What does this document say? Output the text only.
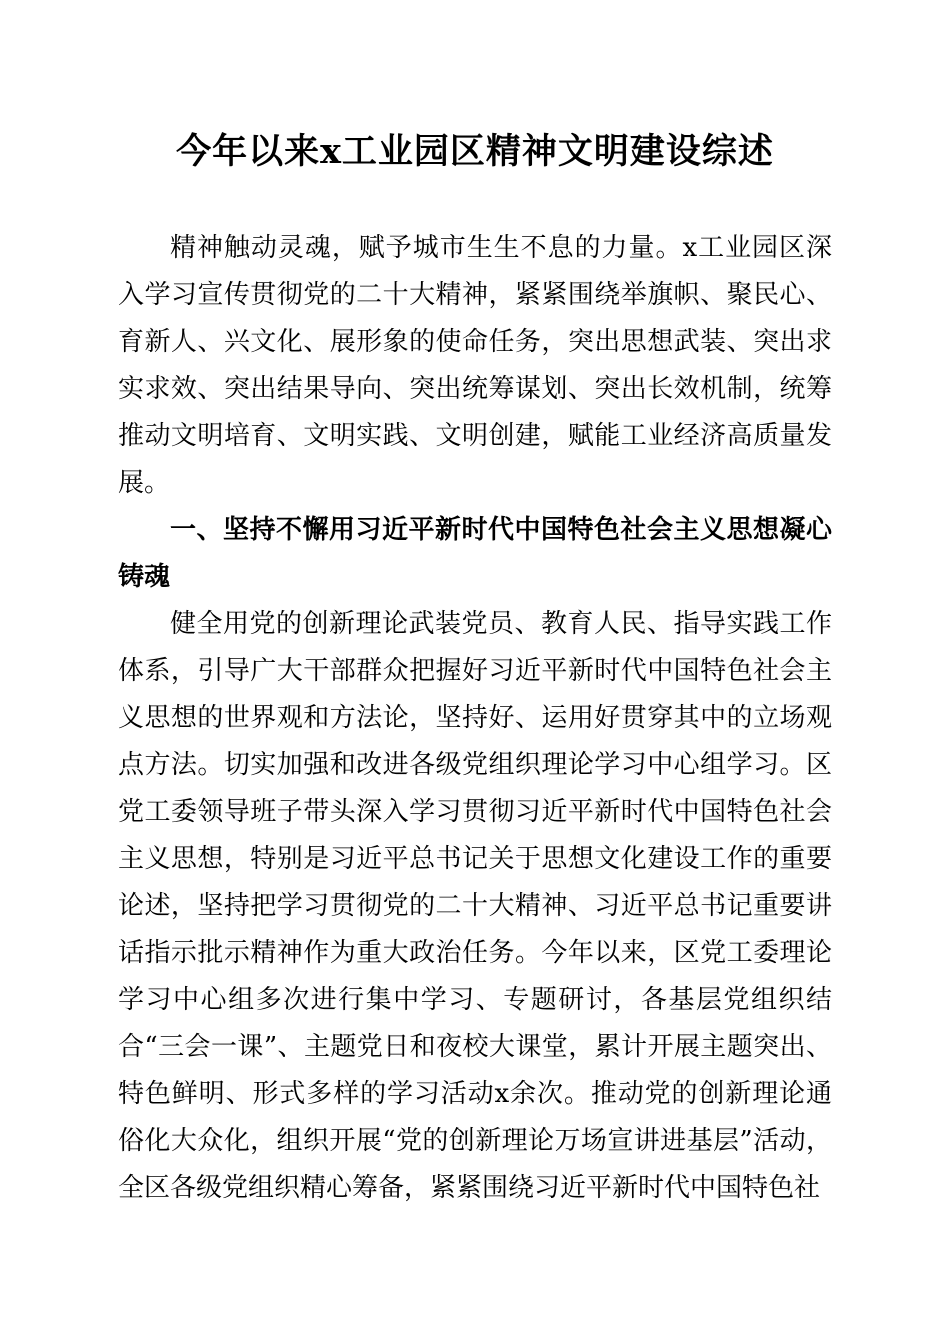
今年以来x工业园区精神文明建设综述

精神触动灵魂，赋予城市生生不息的力量。x工业园区深入学习宣传贯彻党的二十大精神，紧紧围绕举旗帜、聚民心、育新人、兴文化、展形象的使命任务，突出思想武装、突出求实求效、突出结果导向、突出统筹谋划、突出长效机制，统筹推动文明培育、文明实践、文明创建，赋能工业经济高质量发展。

一、坚持不懈用习近平新时代中国特色社会主义思想凝心铸魂

健全用党的创新理论武装党员、教育人民、指导实践工作体系，引导广大干部群众把握好习近平新时代中国特色社会主义思想的世界观和方法论，坚持好、运用好贯穿其中的立场观点方法。切实加强和改进各级党组织理论学习中心组学习。区党工委领导班子带头深入学习贯彻习近平新时代中国特色社会主义思想，特别是习近平总书记关于思想文化建设工作的重要论述，坚持把学习贯彻党的二十大精神、习近平总书记重要讲话指示批示精神作为重大政治任务。今年以来，区党工委理论学习中心组多次进行集中学习、专题研讨，各基层党组织结合“三会一课”、主题党日和夜校大课堂，累计开展主题突出、特色鲜明、形式多样的学习活动x余次。推动党的创新理论通俗化大众化，组织开展“党的创新理论万场宣讲进基层”活动，全区各级党组织精心筹备，紧紧围绕习近平新时代中国特色社
